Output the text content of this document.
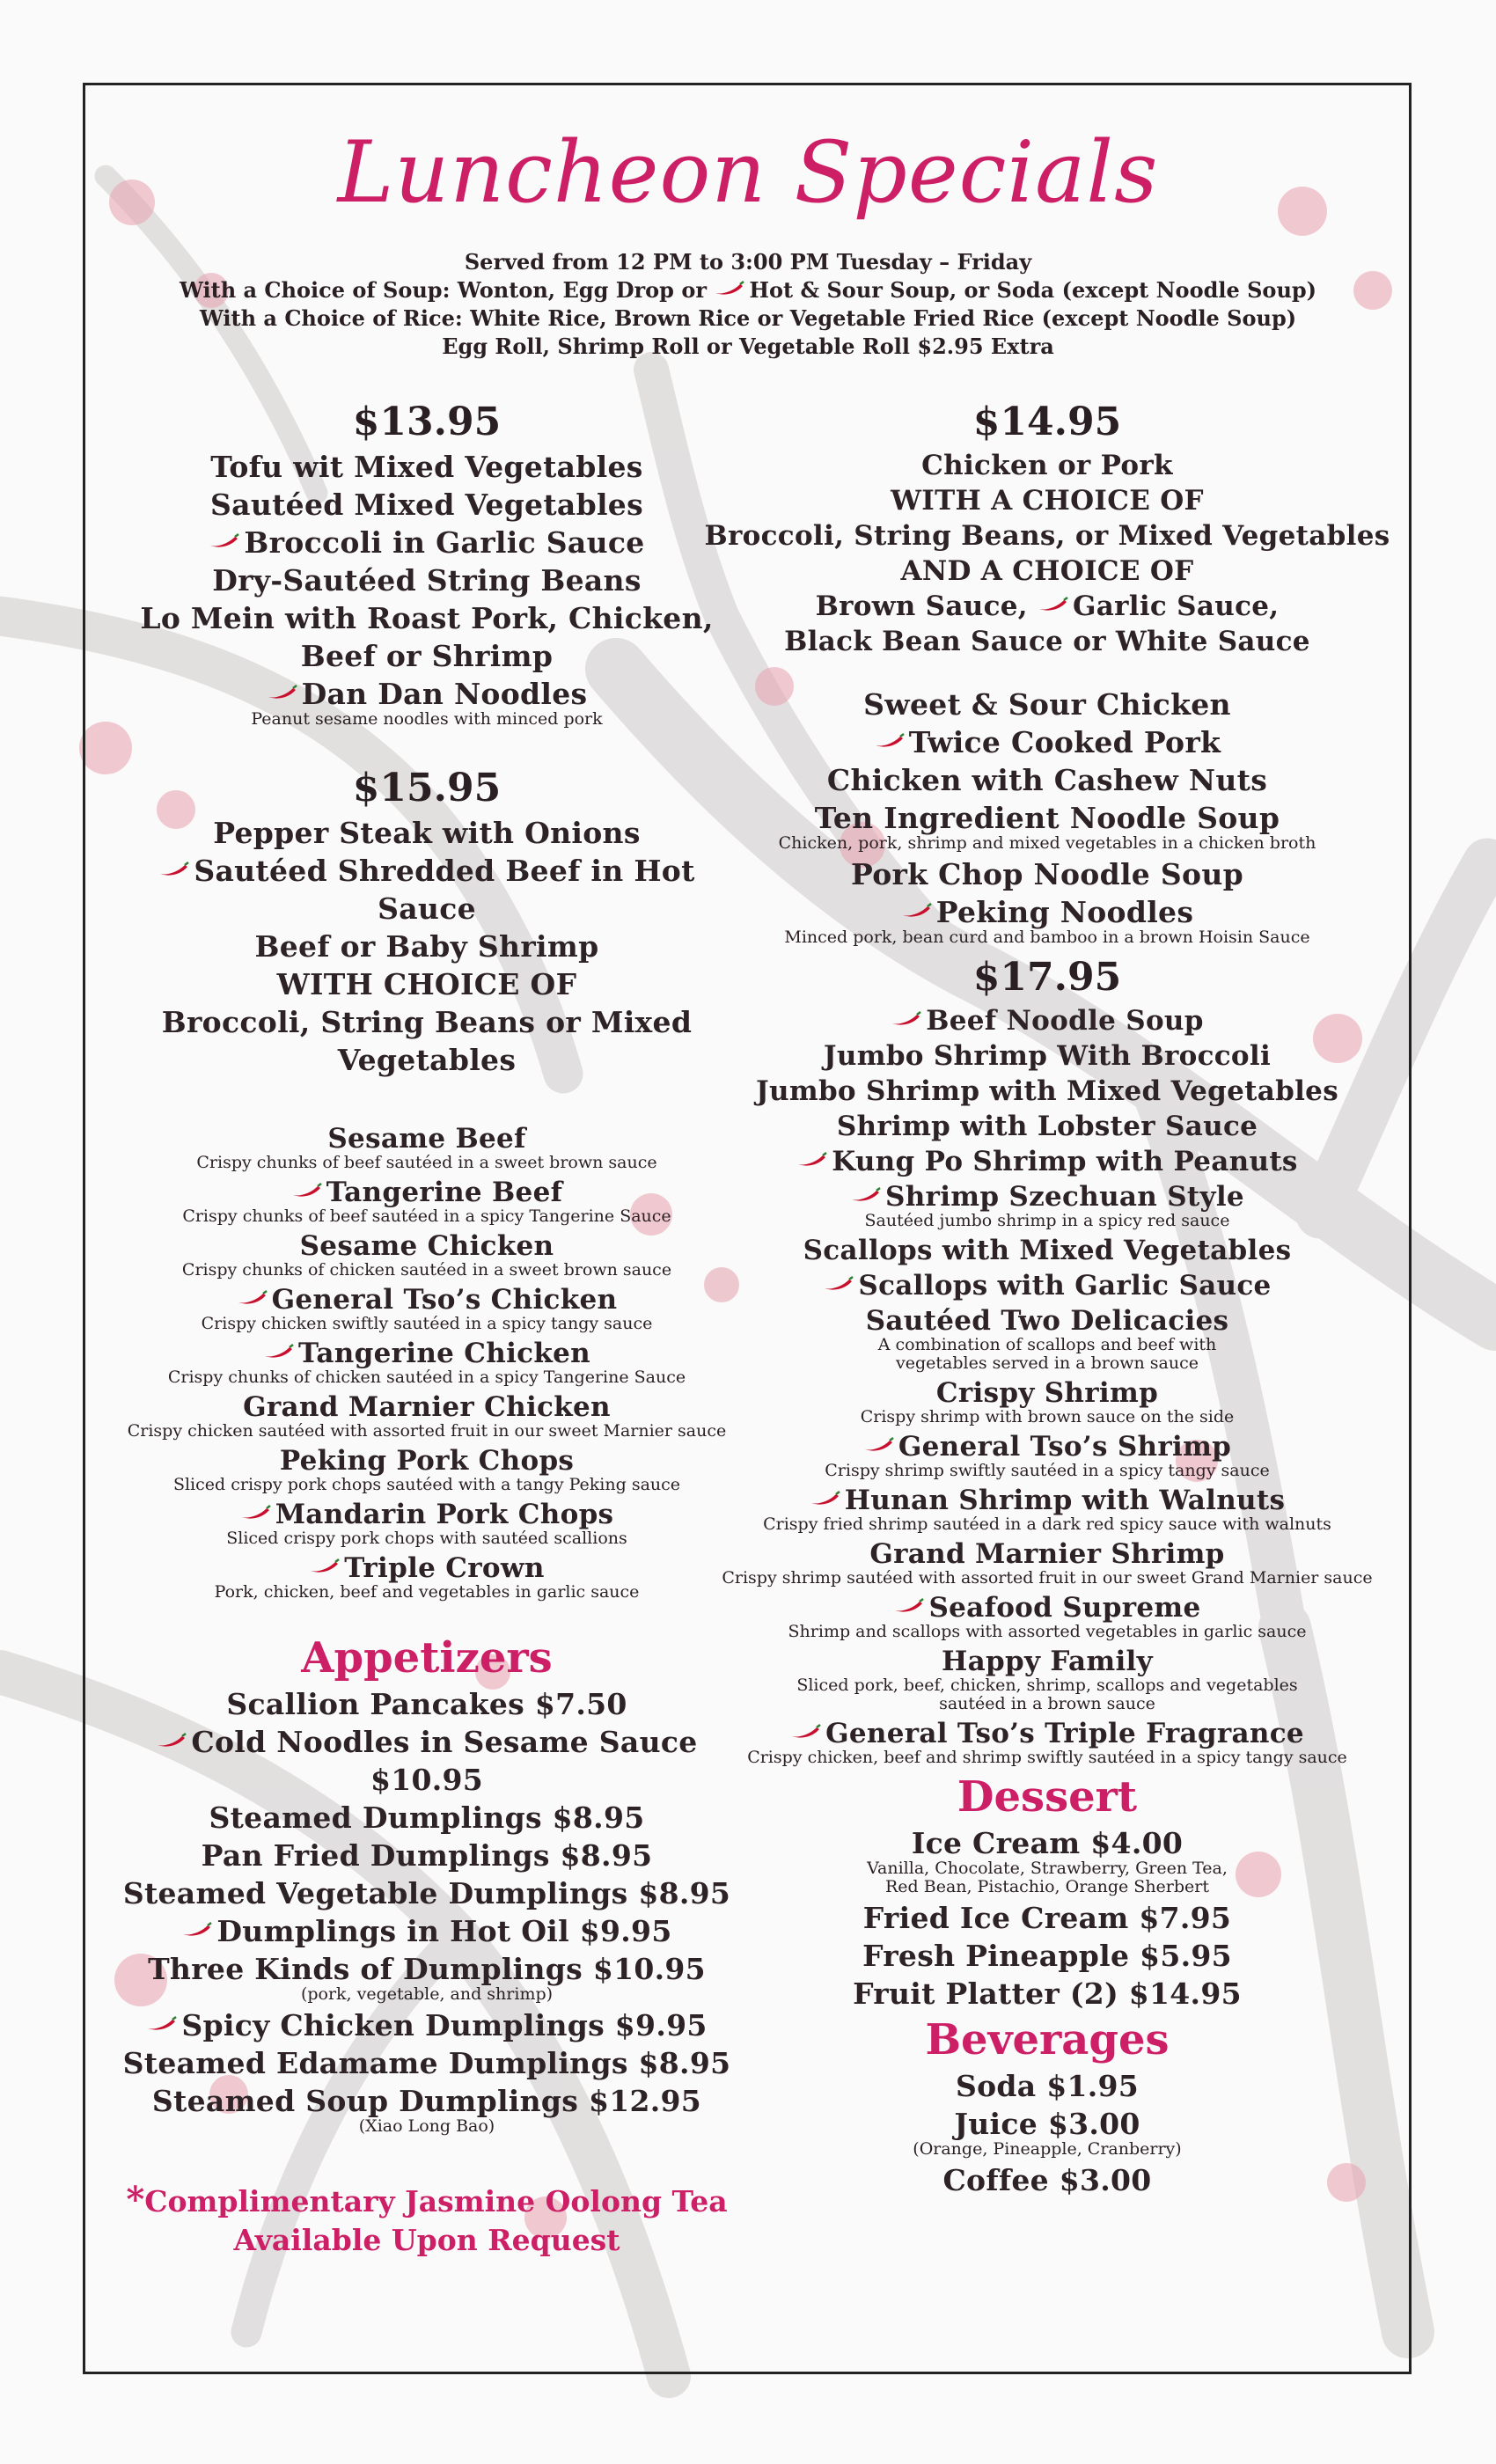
Luncheon Specials
Served from 12 PM to 3:00 PM Tuesday – Friday
With a Choice of Soup: Wonton, Egg Drop or Hot & Sour Soup, or Soda (except Noodle Soup)
With a Choice of Rice: White Rice, Brown Rice or Vegetable Fried Rice (except Noodle Soup)
Egg Roll, Shrimp Roll or Vegetable Roll $2.95 Extra
$13.95
Tofu wit Mixed Vegetables
Sautéed Mixed Vegetables
Broccoli in Garlic Sauce
Dry-Sautéed String Beans
Lo Mein with Roast Pork, Chicken,
Beef or Shrimp
Dan Dan Noodles
Peanut sesame noodles with minced pork
$15.95
Pepper Steak with Onions
Sautéed Shredded Beef in Hot Sauce
Beef or Baby Shrimp
WITH CHOICE OF
Broccoli, String Beans or Mixed Vegetables
Sesame Beef
Crispy chunks of beef sautéed in a sweet brown sauce
Tangerine Beef
Crispy chunks of beef sautéed in a spicy Tangerine Sauce
Sesame Chicken
Crispy chunks of chicken sautéed in a sweet brown sauce
General Tso’s Chicken
Crispy chicken swiftly sautéed in a spicy tangy sauce
Tangerine Chicken
Crispy chunks of chicken sautéed in a spicy Tangerine Sauce
Grand Marnier Chicken
Crispy chicken sautéed with assorted fruit in our sweet Marnier sauce
Peking Pork Chops
Sliced crispy pork chops sautéed with a tangy Peking sauce
Mandarin Pork Chops
Sliced crispy pork chops with sautéed scallions
Triple Crown
Pork, chicken, beef and vegetables in garlic sauce
Appetizers
Scallion Pancakes $7.50
Cold Noodles in Sesame Sauce $10.95
Steamed Dumplings $8.95
Pan Fried Dumplings $8.95
Steamed Vegetable Dumplings $8.95
Dumplings in Hot Oil $9.95
Three Kinds of Dumplings $10.95
(pork, vegetable, and shrimp)
Spicy Chicken Dumplings $9.95
Steamed Edamame Dumplings $8.95
Steamed Soup Dumplings $12.95
(Xiao Long Bao)
*Complimentary Jasmine Oolong Tea
Available Upon Request
$14.95
Chicken or Pork
WITH A CHOICE OF
Broccoli, String Beans, or Mixed Vegetables
AND A CHOICE OF
Brown Sauce, Garlic Sauce,
Black Bean Sauce or White Sauce
Sweet & Sour Chicken
Twice Cooked Pork
Chicken with Cashew Nuts
Ten Ingredient Noodle Soup
Chicken, pork, shrimp and mixed vegetables in a chicken broth
Pork Chop Noodle Soup
Peking Noodles
Minced pork, bean curd and bamboo in a brown Hoisin Sauce
$17.95
Beef Noodle Soup
Jumbo Shrimp With Broccoli
Jumbo Shrimp with Mixed Vegetables
Shrimp with Lobster Sauce
Kung Po Shrimp with Peanuts
Shrimp Szechuan Style
Sautéed jumbo shrimp in a spicy red sauce
Scallops with Mixed Vegetables
Scallops with Garlic Sauce
Sautéed Two Delicacies
A combination of scallops and beef with
vegetables served in a brown sauce
Crispy Shrimp
Crispy shrimp with brown sauce on the side
General Tso’s Shrimp
Crispy shrimp swiftly sautéed in a spicy tangy sauce
Hunan Shrimp with Walnuts
Crispy fried shrimp sautéed in a dark red spicy sauce with walnuts
Grand Marnier Shrimp
Crispy shrimp sautéed with assorted fruit in our sweet Grand Marnier sauce
Seafood Supreme
Shrimp and scallops with assorted vegetables in garlic sauce
Happy Family
Sliced pork, beef, chicken, shrimp, scallops and vegetables
sautéed in a brown sauce
General Tso’s Triple Fragrance
Crispy chicken, beef and shrimp swiftly sautéed in a spicy tangy sauce
Dessert
Ice Cream $4.00
Vanilla, Chocolate, Strawberry, Green Tea,
Red Bean, Pistachio, Orange Sherbert
Fried Ice Cream $7.95
Fresh Pineapple $5.95
Fruit Platter (2) $14.95
Beverages
Soda $1.95
Juice $3.00
(Orange, Pineapple, Cranberry)
Coffee $3.00
